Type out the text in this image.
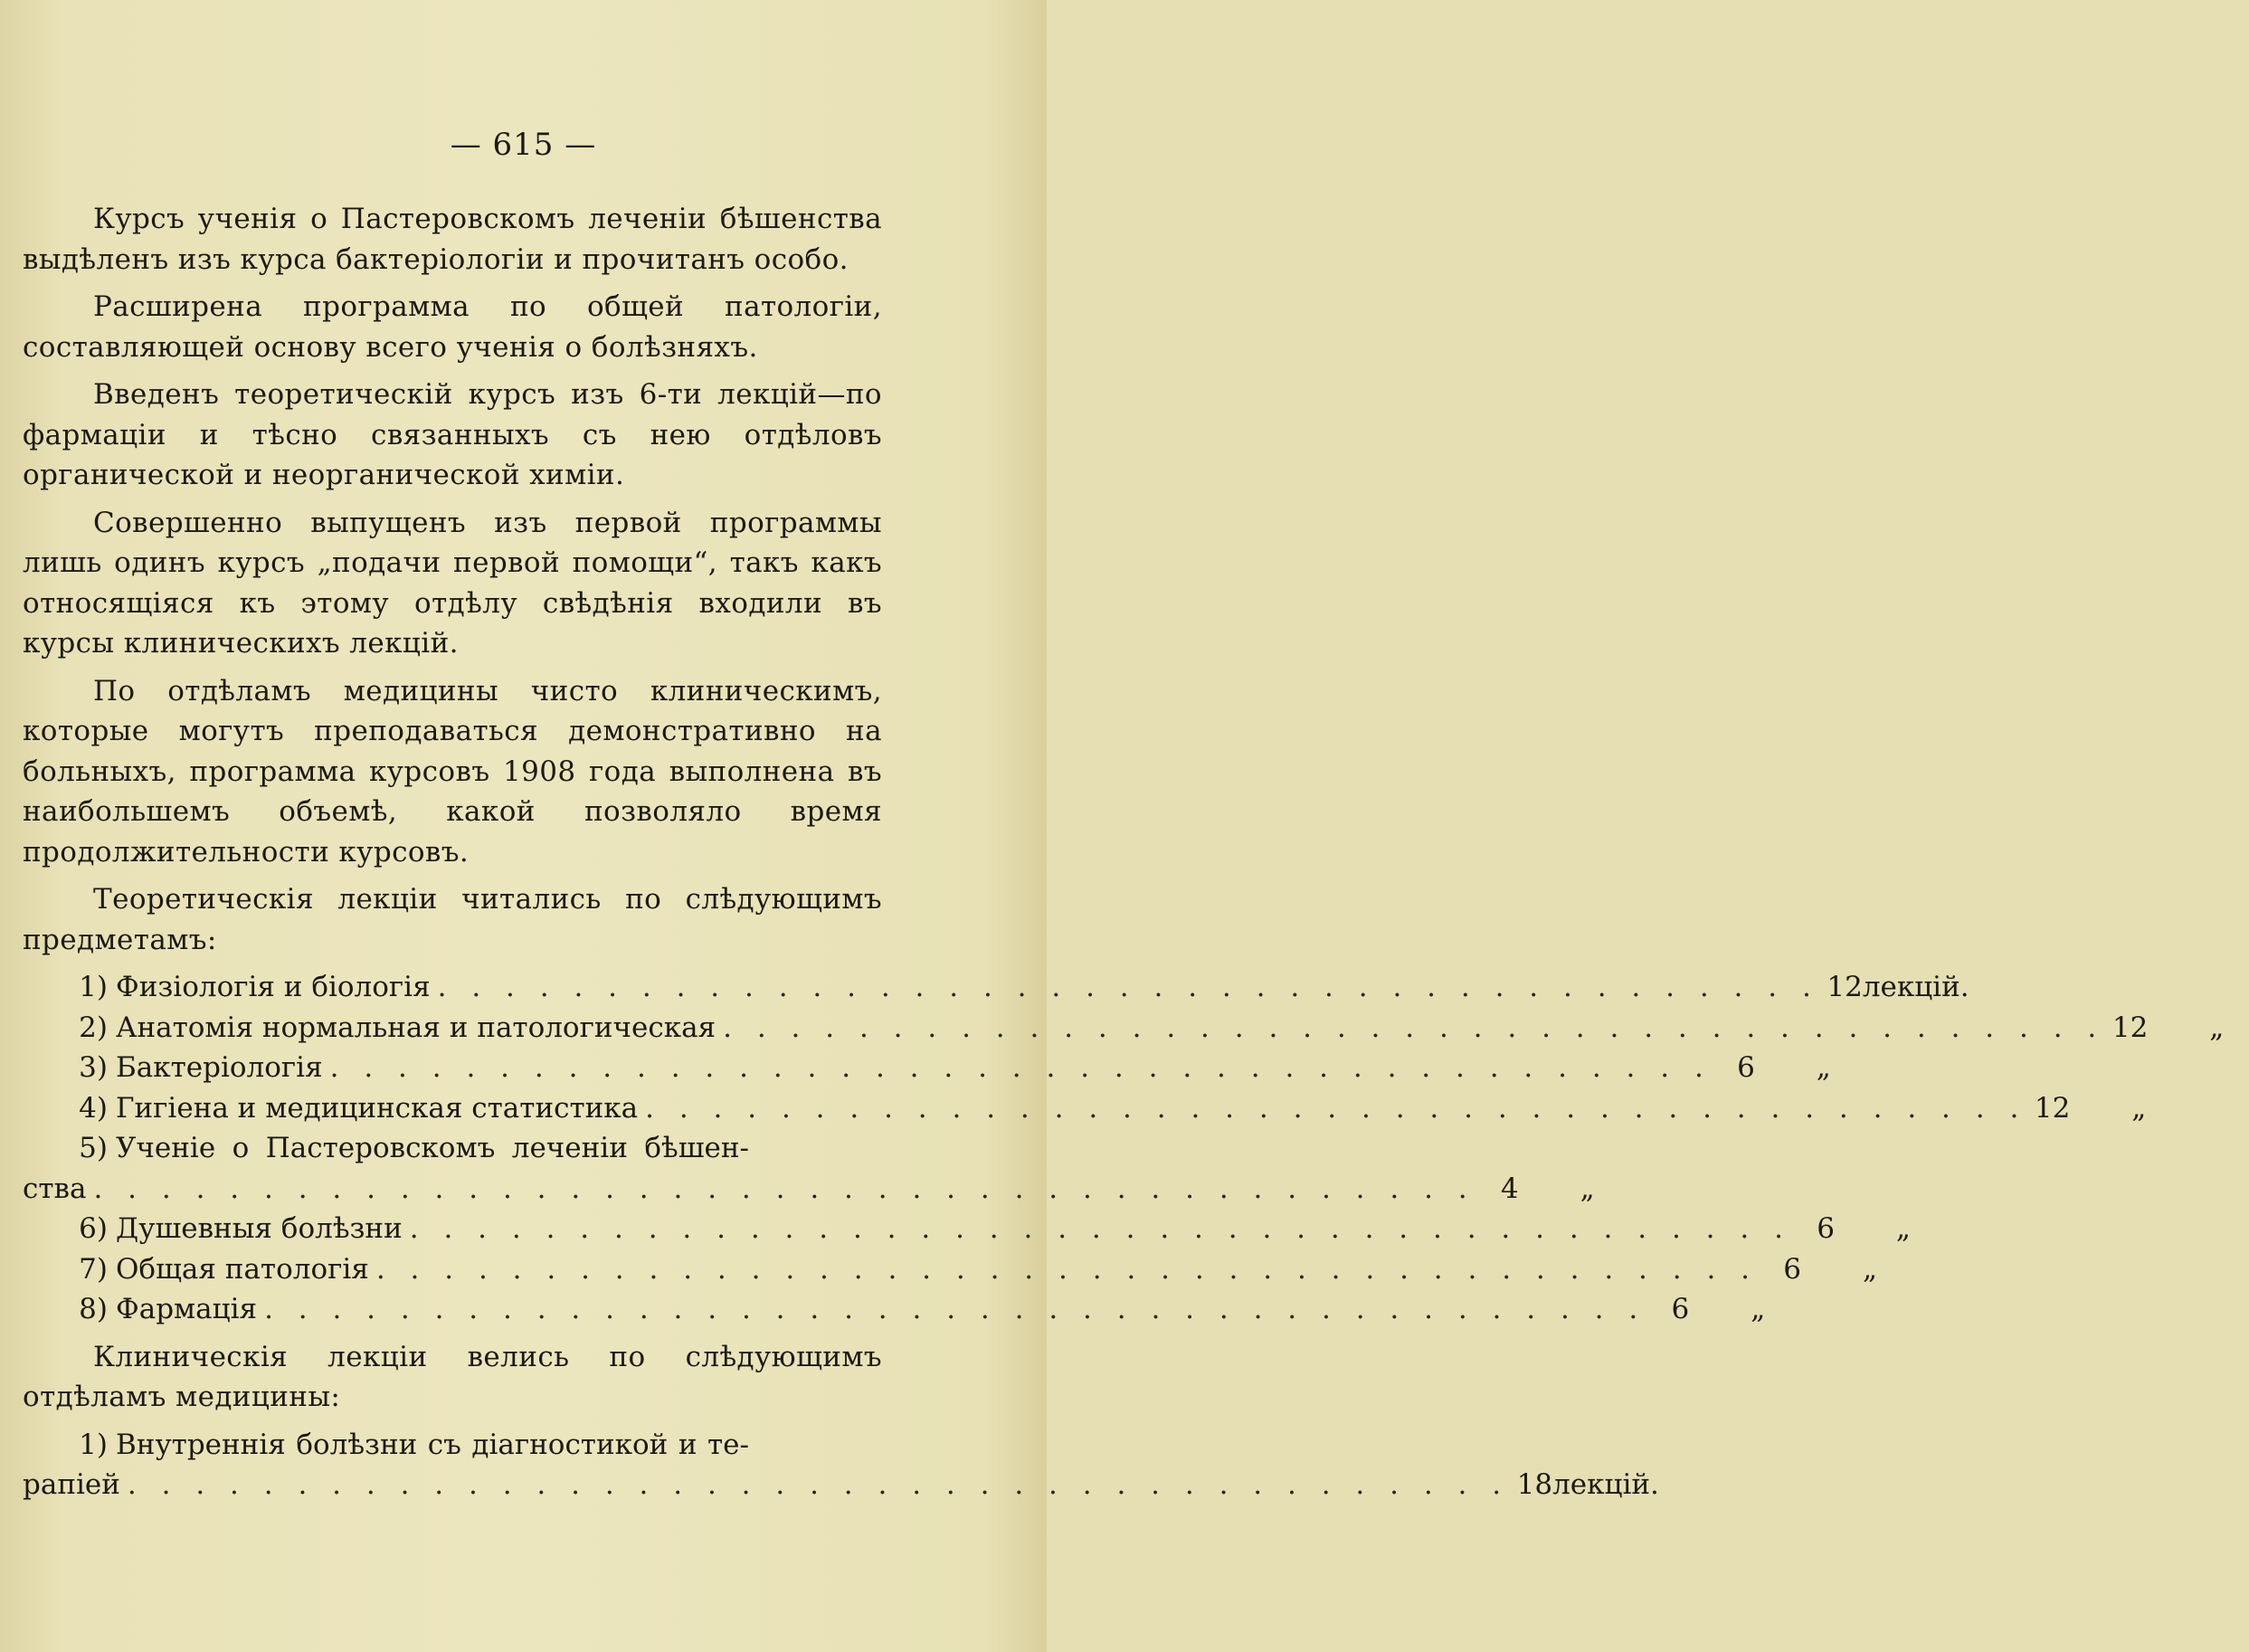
— 615 —

Курсъ ученія о Пастеровскомъ леченіи бѣшенства выдѣленъ изъ курса бактеріологіи и прочитанъ особо.

Расширена программа по общей патологіи, составляющей основу всего ученія о болѣзняхъ.

Введенъ теоретическій курсъ изъ 6-ти лекцій—по фармаціи и тѣсно связанныхъ съ нею отдѣловъ органической и неорганической химіи.

Совершенно выпущенъ изъ первой программы лишь одинъ курсъ „подачи первой помощи“, такъ какъ относящіяся къ этому отдѣлу свѣдѣнія входили въ курсы клиническихъ лекцій.

По отдѣламъ медицины чисто клиническимъ, которые могутъ преподаваться демонстративно на больныхъ, программа курсовъ 1908 года выполнена въ наибольшемъ объемѣ, какой позволяло время продолжительности курсовъ.

Теоретическія лекціи читались по слѣдующимъ предметамъ:

1) Физіологія и біологія . . . . . . . . . . . . . . . . . . . . . . . . . . . . . . . . . . . . . . . . . 12 лекцій.
2) Анатомія нормальная и патологическая . . . . . . . . . . . . . . . . . . . . . . . . . . . . . . . . . . . . . . . . . 12	„
3) Бактеріологія . . . . . . . . . . . . . . . . . . . . . . . . . . . . . . . . . . . . . . . . . 6	„
4) Гигіена и медицинская статистика . . . . . . . . . . . . . . . . . . . . . . . . . . . . . . . . . . . . . . . . . 12	„
5) Ученіе о Пастеровскомъ леченіи бѣшен-
ства . . . . . . . . . . . . . . . . . . . . . . . . . . . . . . . . . . . . . . . . . 4	„
6) Душевныя болѣзни . . . . . . . . . . . . . . . . . . . . . . . . . . . . . . . . . . . . . . . . . 6	„
7) Общая патологія . . . . . . . . . . . . . . . . . . . . . . . . . . . . . . . . . . . . . . . . . 6	„
8) Фармація . . . . . . . . . . . . . . . . . . . . . . . . . . . . . . . . . . . . . . . . . 6	„

Клиническія лекціи велись по слѣдующимъ отдѣламъ медицины:

1) Внутреннія болѣзни съ діагностикой и те-
рапіей . . . . . . . . . . . . . . . . . . . . . . . . . . . . . . . . . . . . . . . . . 18 лекцій.
